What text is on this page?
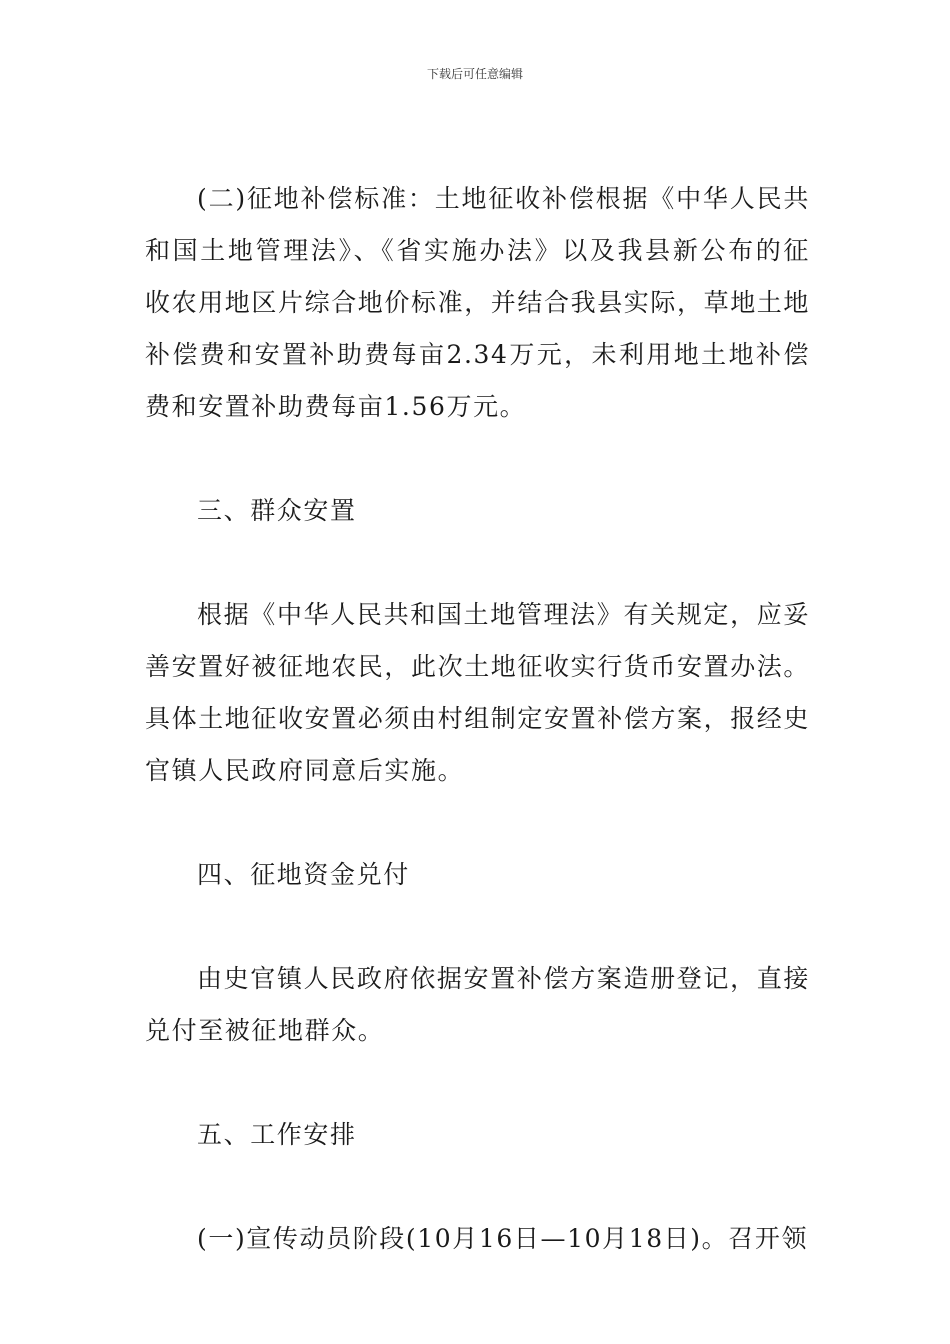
下载后可任意编辑

(二)征地补偿标准：土地征收补偿根据《中华人民共和国土地管理法》、《省实施办法》以及我县新公布的征收农用地区片综合地价标准，并结合我县实际，草地土地补偿费和安置补助费每亩2.34万元，未利用地土地补偿费和安置补助费每亩1.56万元。

三、群众安置

根据《中华人民共和国土地管理法》有关规定，应妥善安置好被征地农民，此次土地征收实行货币安置办法。具体土地征收安置必须由村组制定安置补偿方案，报经史官镇人民政府同意后实施。

四、征地资金兑付

由史官镇人民政府依据安置补偿方案造册登记，直接兑付至被征地群众。

五、工作安排

(一)宣传动员阶段(10月16日—10月18日)。召开领
